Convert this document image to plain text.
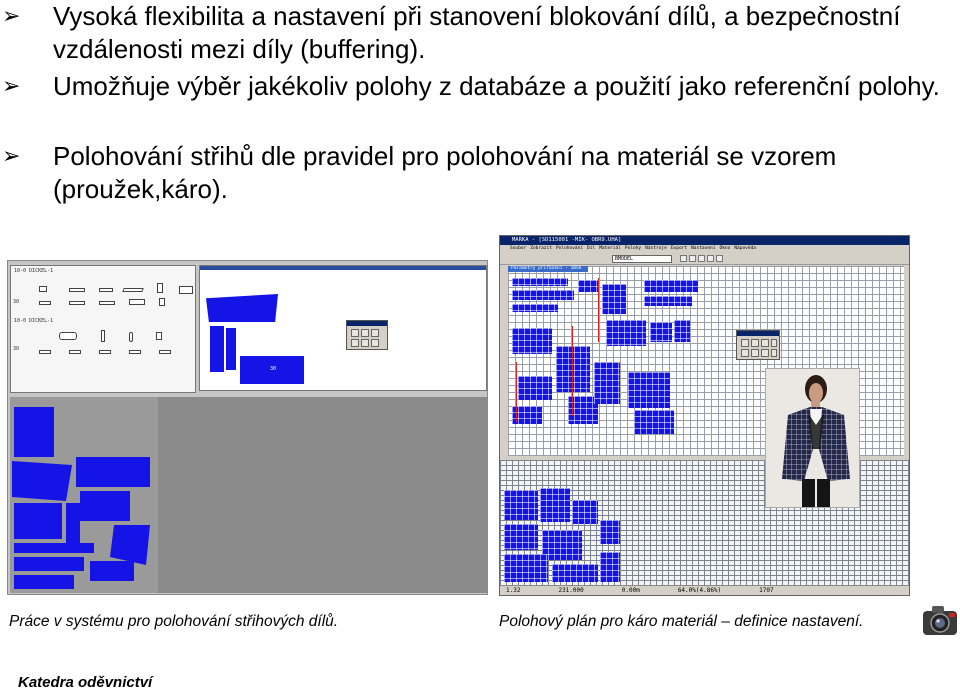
➢ Vysoká flexibilita a nastavení při stanovení blokování dílů, a bezpečnostní vzdálenosti mezi díly (buffering).
➢ Umožňuje výběr jakékoliv polohy z databáze a použití jako referenční polohy.
➢ Polohování střihů dle pravidel pro polohování na materiál se vzorem (proužek,káro).
10-0 DICKEL-1
10-0 DICKEL-1
30
30
30
MARKA - [SD115001 -MIK- OBR9.UHA]
Soubor Zobrazit Polohování Díl Materiál Polohy Nástroje Export Nastavení Okno Nápověda
BMODEL
Parametry přiřazení - 1BSA
1.32	231.000	0.00m	64.0%(4.86%)	1707
Práce v systému pro polohování střihových dílů.	Polohový plán pro káro materiál – definice nastavení.
Katedra oděvnictví
